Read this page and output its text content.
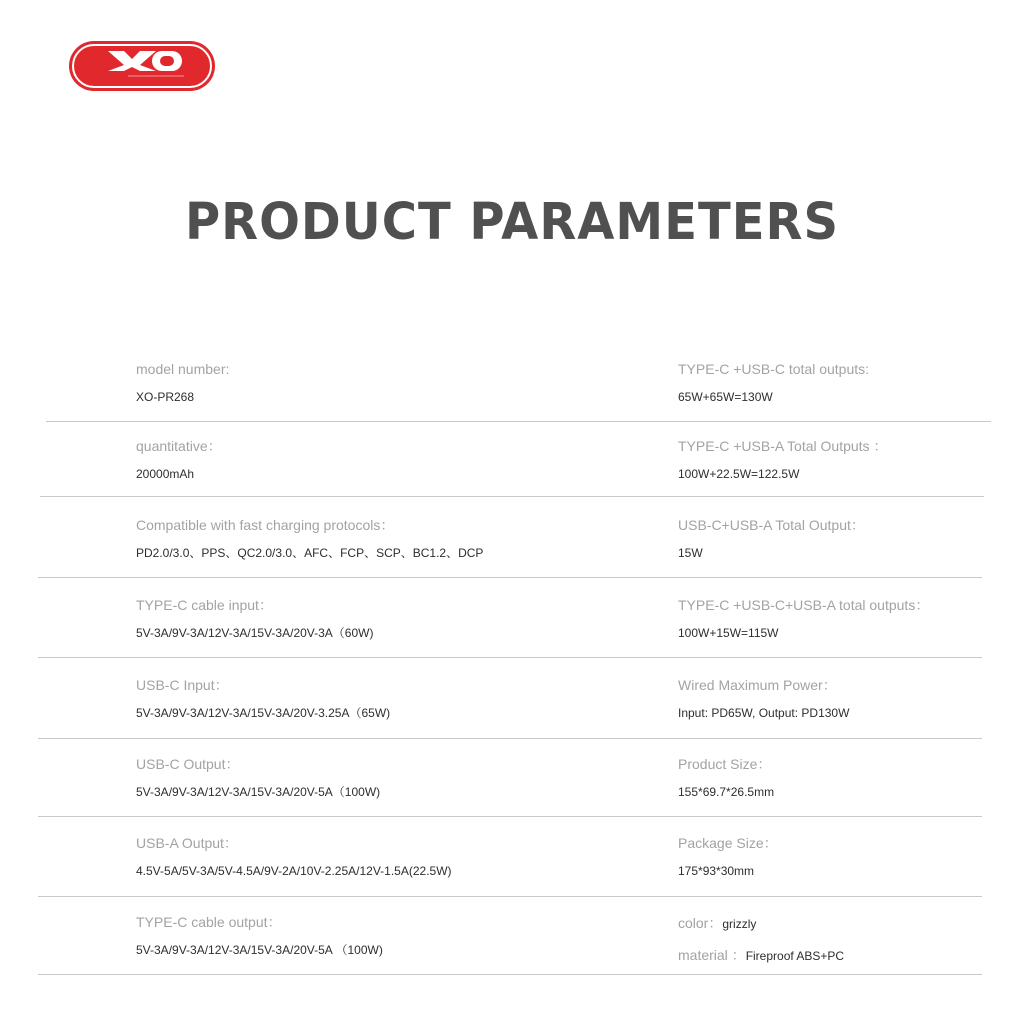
PRODUCT PARAMETERS
model number:
XO-PR268
TYPE-C +USB-C total outputs:
65W+65W=130W
quantitative：
20000mAh
TYPE-C +USB-A Total Outputs ：
100W+22.5W=122.5W
Compatible with fast charging protocols：
PD2.0/3.0、PPS、QC2.0/3.0、AFC、FCP、SCP、BC1.2、DCP
USB-C+USB-A Total Output：
15W
TYPE-C cable input：
5V-3A/9V-3A/12V-3A/15V-3A/20V-3A（60W)
TYPE-C +USB-C+USB-A total outputs：
100W+15W=115W
USB-C Input：
5V-3A/9V-3A/12V-3A/15V-3A/20V-3.25A（65W)
Wired Maximum Power：
Input: PD65W, Output: PD130W
USB-C Output：
5V-3A/9V-3A/12V-3A/15V-3A/20V-5A（100W)
Product Size：
155*69.7*26.5mm
USB-A Output：
4.5V-5A/5V-3A/5V-4.5A/9V-2A/10V-2.25A/12V-1.5A(22.5W)
Package Size：
175*93*30mm
TYPE-C cable output：
5V-3A/9V-3A/12V-3A/15V-3A/20V-5A （100W)
color：grizzly
material ：Fireproof ABS+PC
